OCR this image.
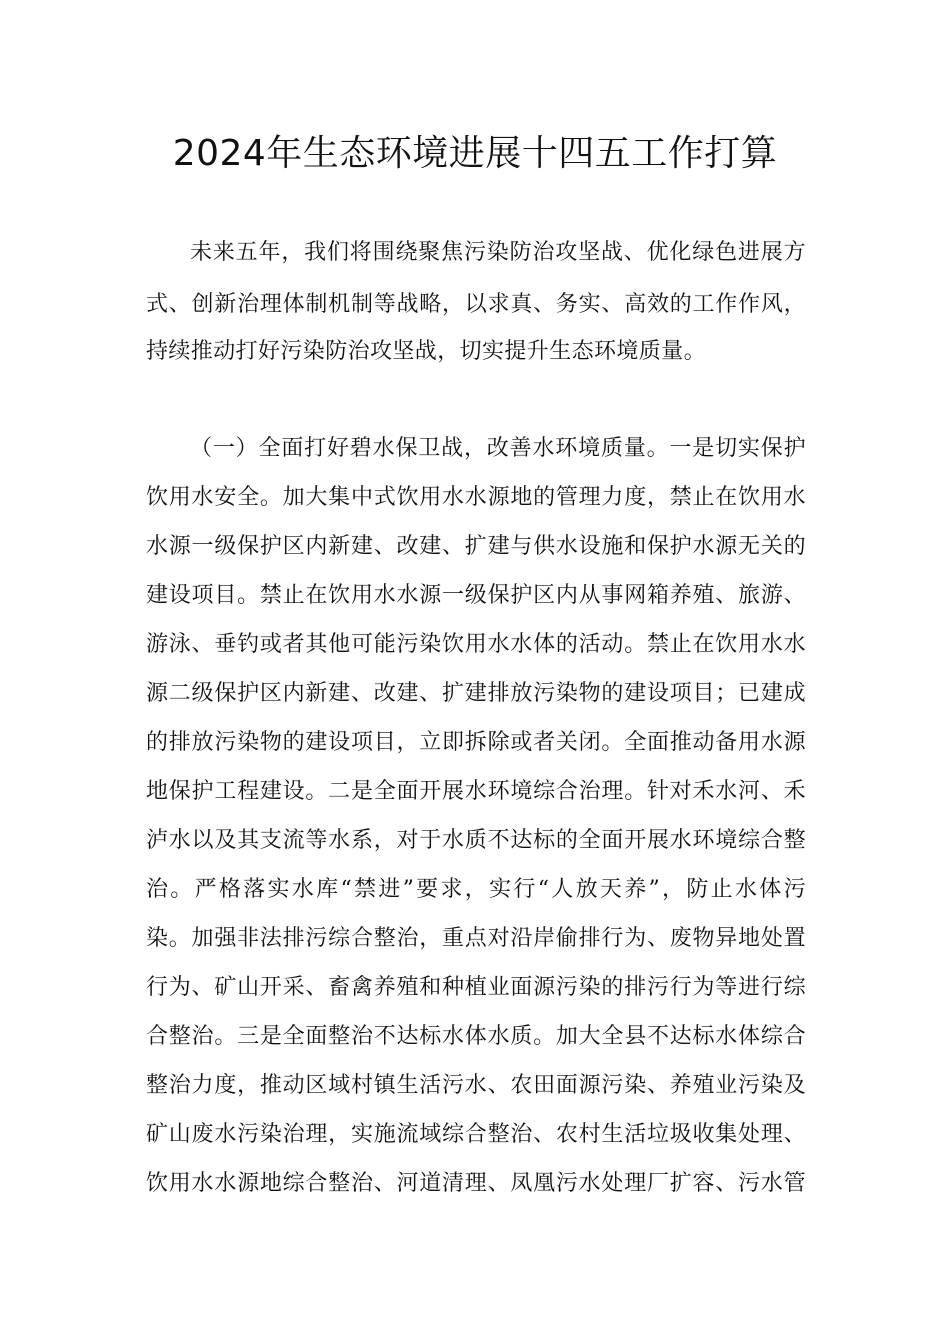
2024年生态环境进展十四五工作打算
未来五年，我们将围绕聚焦污染防治攻坚战、优化绿色进展方
式、创新治理体制机制等战略，以求真、务实、高效的工作作风，
持续推动打好污染防治攻坚战，切实提升生态环境质量。
（一）全面打好碧水保卫战，改善水环境质量。一是切实保护
饮用水安全。加大集中式饮用水水源地的管理力度，禁止在饮用水
水源一级保护区内新建、改建、扩建与供水设施和保护水源无关的
建设项目。禁止在饮用水水源一级保护区内从事网箱养殖、旅游、
游泳、垂钓或者其他可能污染饮用水水体的活动。禁止在饮用水水
源二级保护区内新建、改建、扩建排放污染物的建设项目；已建成
的排放污染物的建设项目，立即拆除或者关闭。全面推动备用水源
地保护工程建设。二是全面开展水环境综合治理。针对禾水河、禾
泸水以及其支流等水系，对于水质不达标的全面开展水环境综合整
治。严格落实水库“禁进”要求，实行“人放天养”，防止水体污
染。加强非法排污综合整治，重点对沿岸偷排行为、废物异地处置
行为、矿山开采、畜禽养殖和种植业面源污染的排污行为等进行综
合整治。三是全面整治不达标水体水质。加大全县不达标水体综合
整治力度，推动区域村镇生活污水、农田面源污染、养殖业污染及
矿山废水污染治理，实施流域综合整治、农村生活垃圾收集处理、
饮用水水源地综合整治、河道清理、凤凰污水处理厂扩容、污水管
